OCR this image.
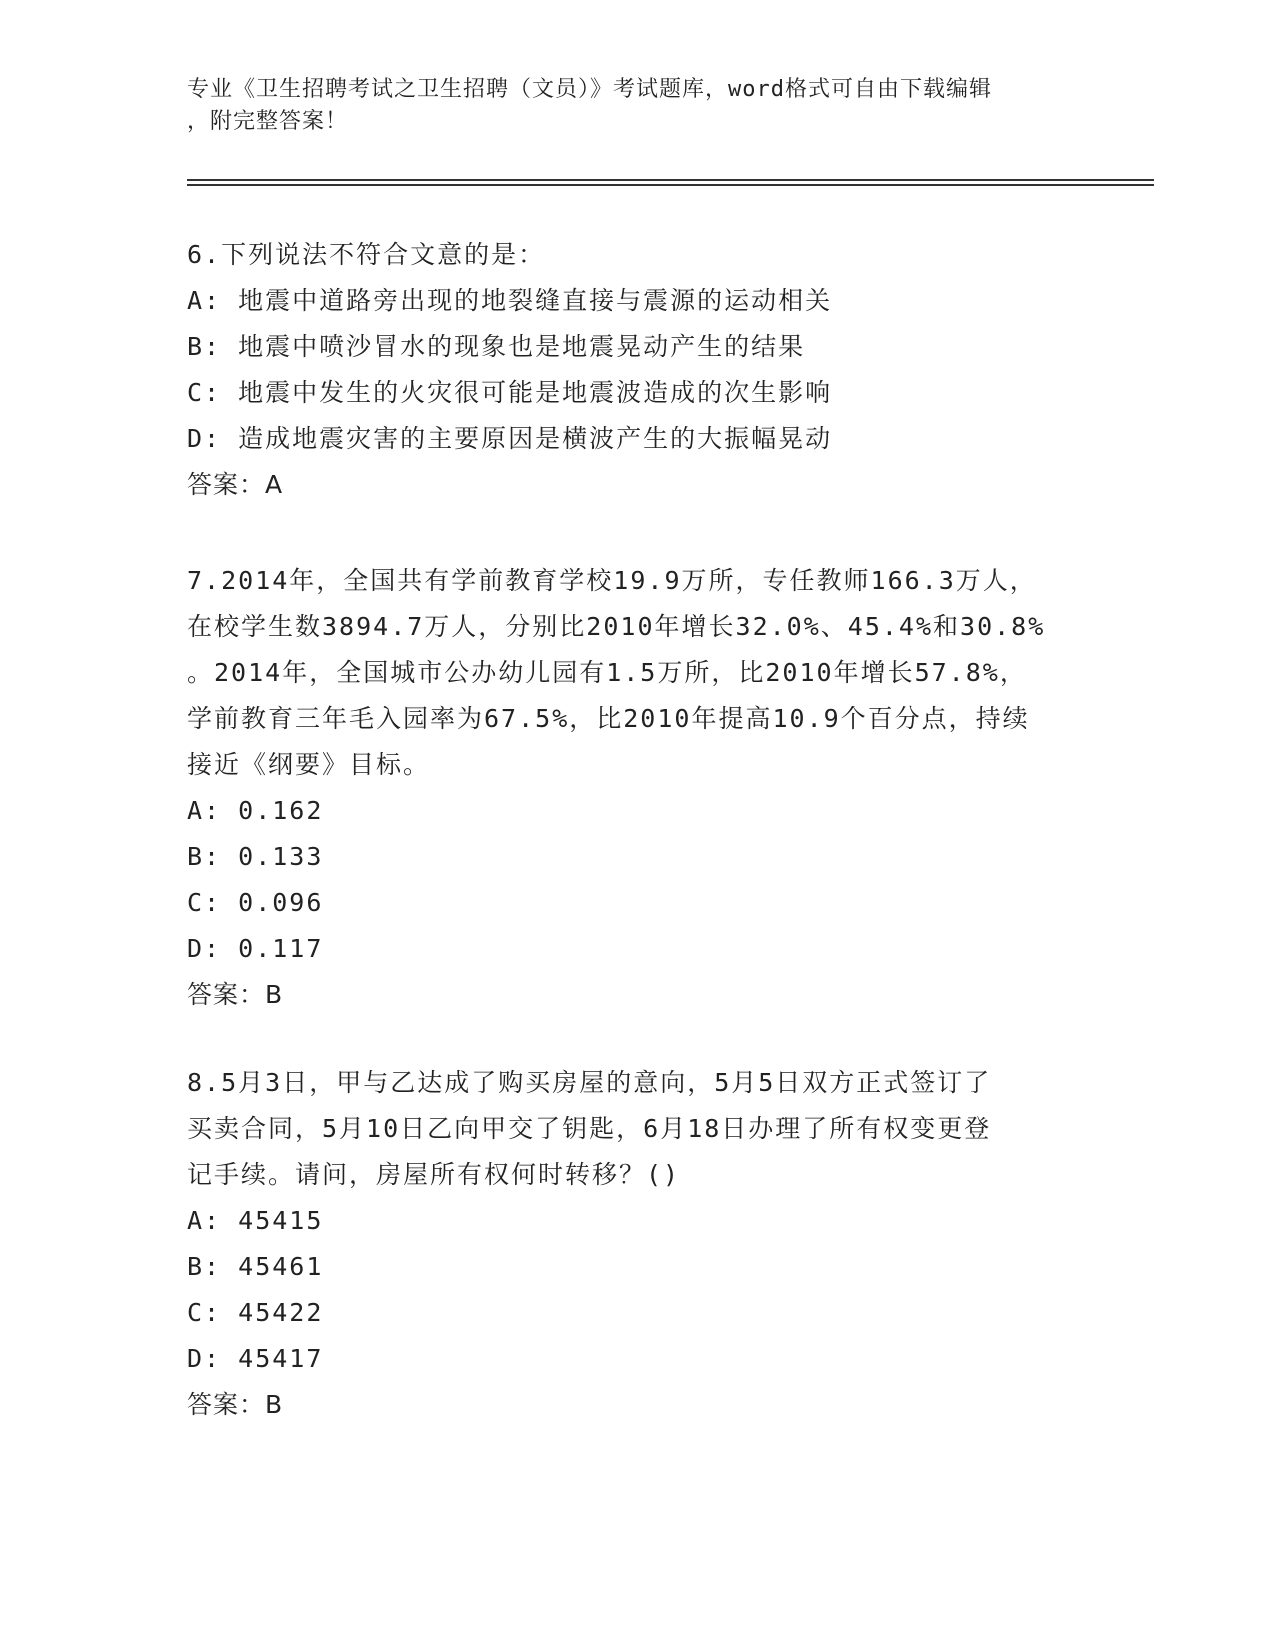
专业《卫生招聘考试之卫生招聘（文员）》考试题库，word格式可自由下载编辑
，附完整答案！
6.下列说法不符合文意的是：
A: 地震中道路旁出现的地裂缝直接与震源的运动相关
B: 地震中喷沙冒水的现象也是地震晃动产生的结果
C: 地震中发生的火灾很可能是地震波造成的次生影响
D: 造成地震灾害的主要原因是横波产生的大振幅晃动
答案：A
7.2014年，全国共有学前教育学校19.9万所，专任教师166.3万人，
在校学生数3894.7万人，分别比2010年增长32.0%、45.4%和30.8%
。2014年，全国城市公办幼儿园有1.5万所，比2010年增长57.8%，
学前教育三年毛入园率为67.5%，比2010年提高10.9个百分点，持续
接近《纲要》目标。
A: 0.162
B: 0.133
C: 0.096
D: 0.117
答案：B
8.5月3日，甲与乙达成了购买房屋的意向，5月5日双方正式签订了
买卖合同，5月10日乙向甲交了钥匙，6月18日办理了所有权变更登
记手续。请问，房屋所有权何时转移？()
A: 45415
B: 45461
C: 45422
D: 45417
答案：B
